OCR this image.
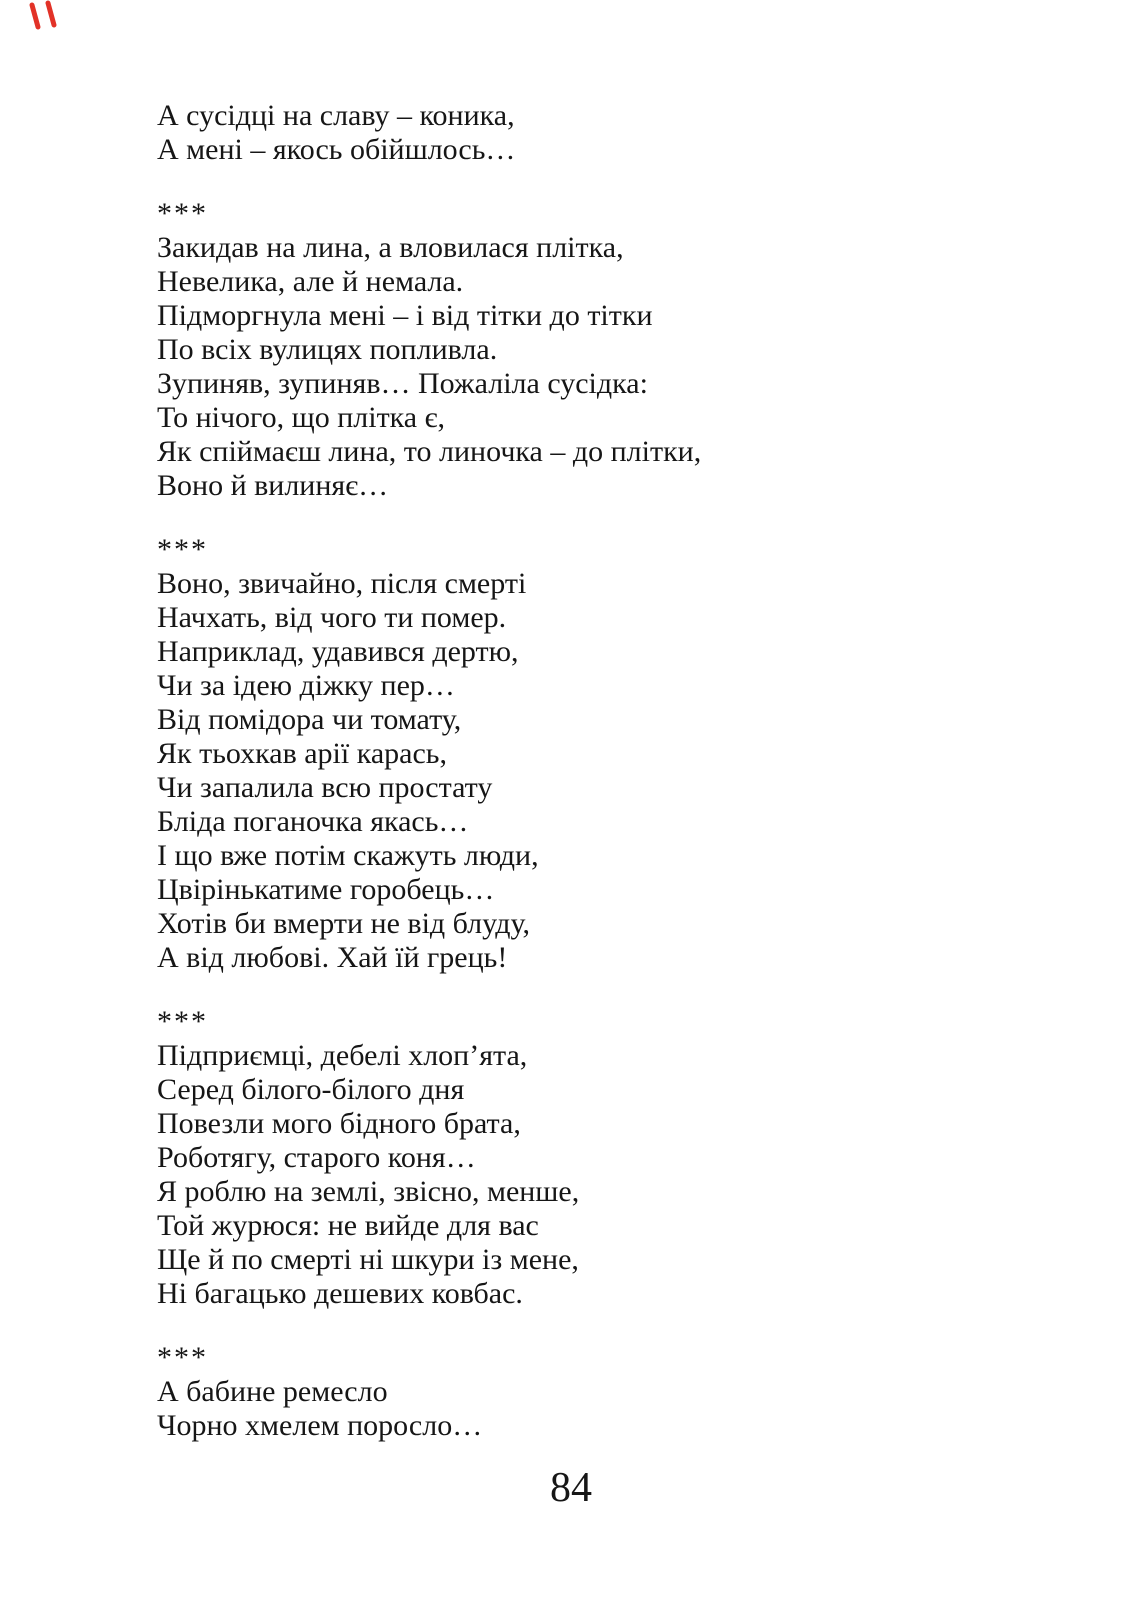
А сусідці на славу – коника,
А мені – якось обійшлось…
***
Закидав на лина, а вловилася плітка,
Невелика, але й немала.
Підморгнула мені – і від тітки до тітки
По всіх вулицях попливла.
Зупиняв, зупиняв… Пожаліла сусідка:
То нічого, що плітка є,
Як спіймаєш лина, то линочка – до плітки,
Воно й вилиняє…
***
Воно, звичайно, після смерті
Начхать, від чого ти помер.
Наприклад, удавився дертю,
Чи за ідею діжку пер…
Від помідора чи томату,
Як тьохкав арії карась,
Чи запалила всю простату
Бліда поганочка якась…
І що вже потім скажуть люди,
Цвірінькатиме горобець…
Хотів би вмерти не від блуду,
А від любові. Хай їй грець!
***
Підприємці, дебелі хлоп’ята,
Серед білого-білого дня
Повезли мого бідного брата,
Роботягу, старого коня…
Я роблю на землі, звісно, менше,
Той журюся: не вийде для вас
Ще й по смерті ні шкури із мене,
Ні багацько дешевих ковбас.
***
А бабине ремесло
Чорно хмелем поросло…
84
